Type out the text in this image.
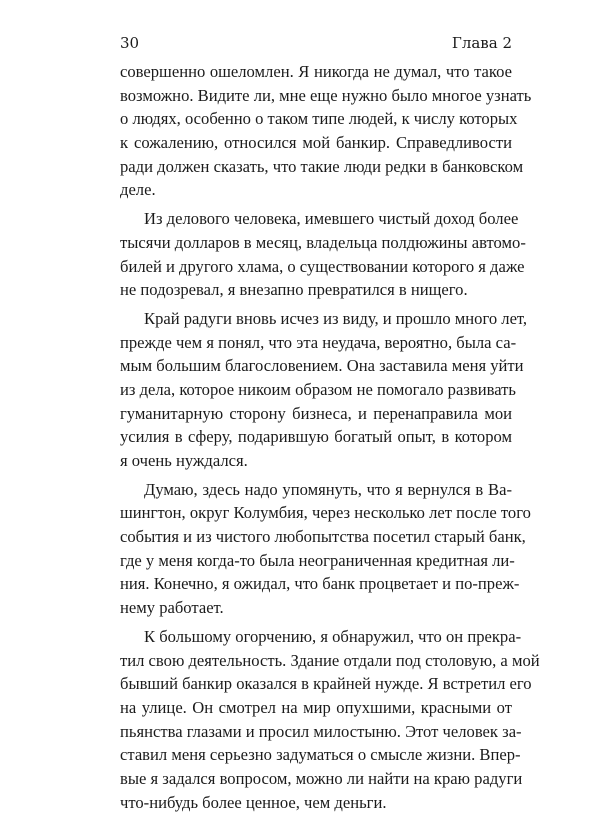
30	Глава 2
совершенно ошеломлен. Я никогда не думал, что такое
возможно. Видите ли, мне еще нужно было многое узнать
о людях, особенно о таком типе людей, к числу которых
к сожалению, относился мой банкир. Справедливости
ради должен сказать, что такие люди редки в банковском
деле.
Из делового человека, имевшего чистый доход более
тысячи долларов в месяц, владельца полдюжины автомо-
билей и другого хлама, о существовании которого я даже
не подозревал, я внезапно превратился в нищего.
Край радуги вновь исчез из виду, и прошло много лет,
прежде чем я понял, что эта неудача, вероятно, была са-
мым большим благословением. Она заставила меня уйти
из дела, которое никоим образом не помогало развивать
гуманитарную сторону бизнеса, и перенаправила мои
усилия в сферу, подарившую богатый опыт, в котором
я очень нуждался.
Думаю, здесь надо упомянуть, что я вернулся в Ва-
шингтон, округ Колумбия, через несколько лет после того
события и из чистого любопытства посетил старый банк,
где у меня когда-то была неограниченная кредитная ли-
ния. Конечно, я ожидал, что банк процветает и по-преж-
нему работает.
К большому огорчению, я обнаружил, что он прекра-
тил свою деятельность. Здание отдали под столовую, а мой
бывший банкир оказался в крайней нужде. Я встретил его
на улице. Он смотрел на мир опухшими, красными от
пьянства глазами и просил милостыню. Этот человек за-
ставил меня серьезно задуматься о смысле жизни. Впер-
вые я задался вопросом, можно ли найти на краю радуги
что-нибудь более ценное, чем деньги.
